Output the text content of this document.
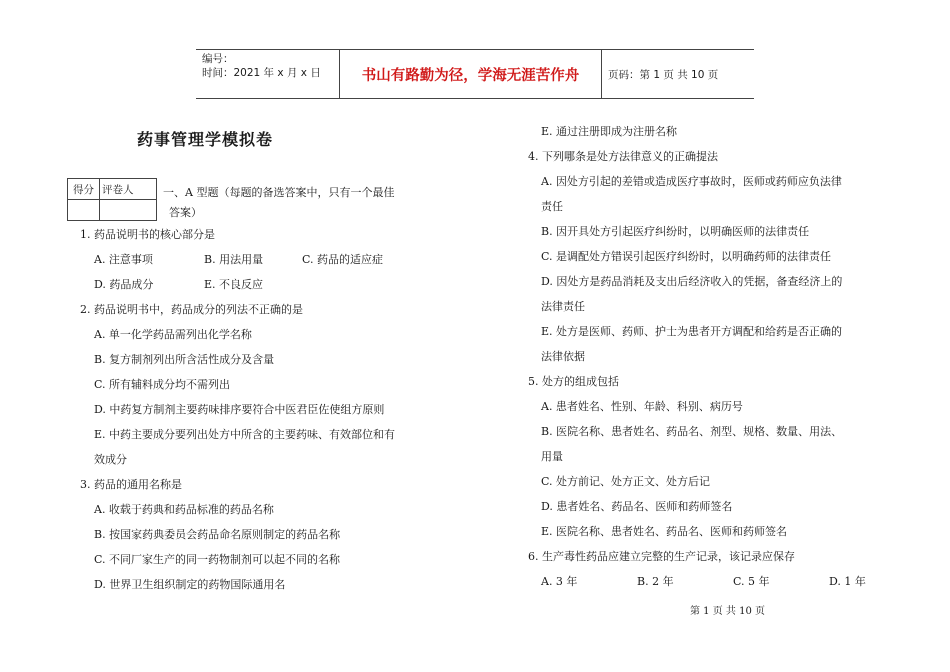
编号：
时间：2021 年 x 月 x 日	书山有路勤为径，学海无涯苦作舟	页码：第 1 页 共 10 页
药事管理学模拟卷
得分	评卷人
		一、A 型题（每题的备选答案中，只有一个最佳
答案）
1. 药品说明书的核心部分是
A. 注意事项	B. 用法用量	C. 药品的适应症
D. 药品成分	E. 不良反应
2. 药品说明书中，药品成分的列法不正确的是
A. 单一化学药品需列出化学名称
B. 复方制剂列出所含活性成分及含量
C. 所有辅料成分均不需列出
D. 中药复方制剂主要药味排序要符合中医君臣佐使组方原则
E. 中药主要成分要列出处方中所含的主要药味、有效部位和有
效成分
3. 药品的通用名称是
A. 收载于药典和药品标准的药品名称
B. 按国家药典委员会药品命名原则制定的药品名称
C. 不同厂家生产的同一药物制剂可以起不同的名称
D. 世界卫生组织制定的药物国际通用名
E. 通过注册即成为注册名称
4. 下列哪条是处方法律意义的正确提法
A. 因处方引起的差错或造成医疗事故时，医师或药师应负法律
责任
B. 因开具处方引起医疗纠纷时，以明确医师的法律责任
C. 是调配处方错误引起医疗纠纷时，以明确药师的法律责任
D. 因处方是药品消耗及支出后经济收入的凭据，备查经济上的
法律责任
E. 处方是医师、药师、护士为患者开方调配和给药是否正确的
法律依据
5. 处方的组成包括
A. 患者姓名、性别、年龄、科别、病历号
B. 医院名称、患者姓名、药品名、剂型、规格、数量、用法、
用量
C. 处方前记、处方正文、处方后记
D. 患者姓名、药品名、医师和药师签名
E. 医院名称、患者姓名、药品名、医师和药师签名
6. 生产毒性药品应建立完整的生产记录，该记录应保存
A. 3 年	B. 2 年	C. 5 年	D. 1 年
第 1 页 共 10 页
